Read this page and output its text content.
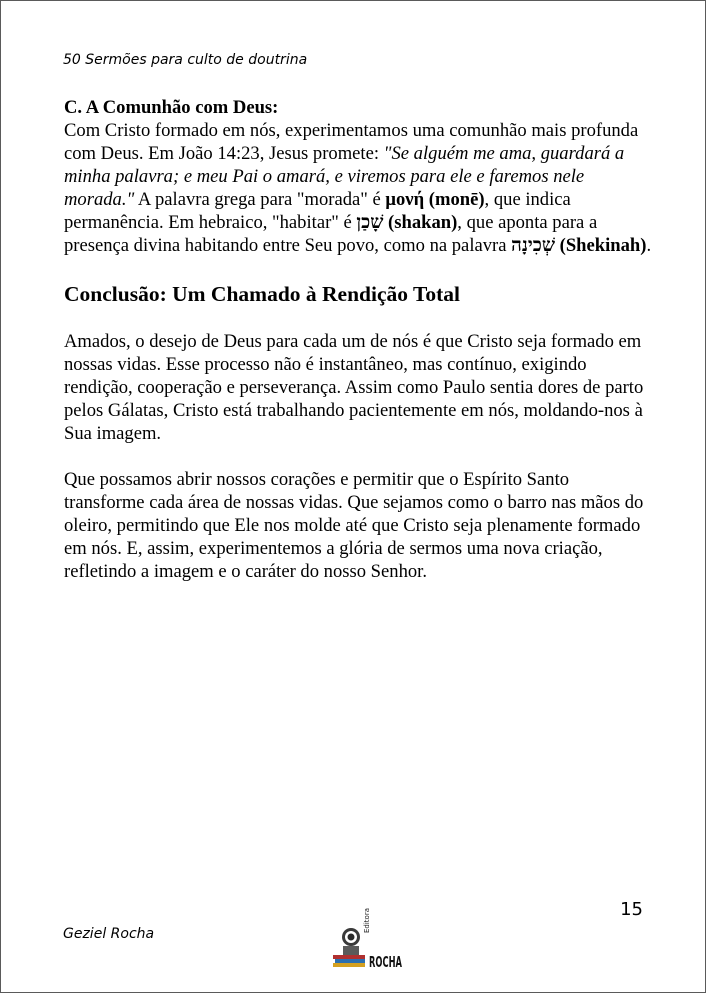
50 Sermões para culto de doutrina

C. A Comunhão com Deus:

Com Cristo formado em nós, experimentamos uma comunhão mais profunda com Deus. Em João 14:23, Jesus promete: "Se alguém me ama, guardará a minha palavra; e meu Pai o amará, e viremos para ele e faremos nele morada." A palavra grega para "morada" é μονή (monē), que indica permanência. Em hebraico, "habitar" é שָׁכַן (shakan), que aponta para a presença divina habitando entre Seu povo, como na palavra שְׁכִינָה (Shekinah).

Conclusão: Um Chamado à Rendição Total

Amados, o desejo de Deus para cada um de nós é que Cristo seja formado em nossas vidas. Esse processo não é instantâneo, mas contínuo, exigindo rendição, cooperação e perseverança. Assim como Paulo sentia dores de parto pelos Gálatas, Cristo está trabalhando pacientemente em nós, moldando-nos à Sua imagem.

Que possamos abrir nossos corações e permitir que o Espírito Santo transforme cada área de nossas vidas. Que sejamos como o barro nas mãos do oleiro, permitindo que Ele nos molde até que Cristo seja plenamente formado em nós. E, assim, experimentemos a glória de sermos uma nova criação, refletindo a imagem e o caráter do nosso Senhor.

15
Geziel Rocha
Editora
ROCHA
